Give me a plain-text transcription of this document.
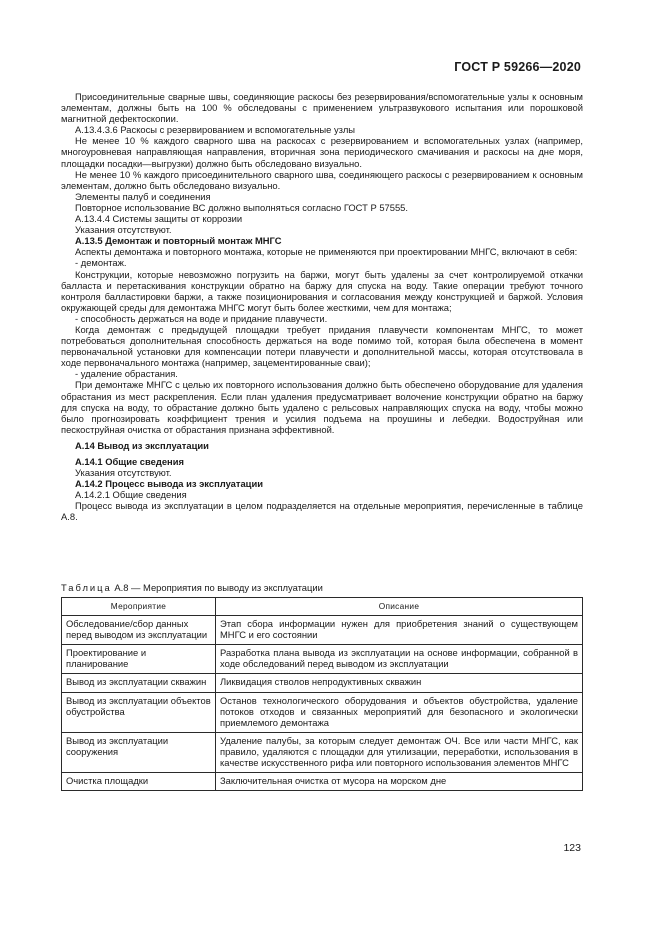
ГОСТ Р 59266—2020

Присоединительные сварные швы, соединяющие раскосы без резервирования/вспомогательные узлы к основным элементам, должны быть на 100 % обследованы с применением ультразвукового испытания или порошковой магнитной дефектоскопии.

А.13.4.3.6 Раскосы с резервированием и вспомогательные узлы

Не менее 10 % каждого сварного шва на раскосах с резервированием и вспомогательных узлах (например, многоуровневая направляющая направления, вторичная зона периодического смачивания и раскосы на дне моря, площадки посадки—выгрузки) должно быть обследовано визуально.

Не менее 10 % каждого присоединительного сварного шва, соединяющего раскосы с резервированием к основным элементам, должно быть обследовано визуально.

Элементы палуб и соединения

Повторное использование ВС должно выполняться согласно ГОСТ Р 57555.

А.13.4.4 Системы защиты от коррозии

Указания отсутствуют.

А.13.5 Демонтаж и повторный монтаж МНГС

Аспекты демонтажа и повторного монтажа, которые не применяются при проектировании МНГС, включают в себя:

- демонтаж.

Конструкции, которые невозможно погрузить на баржи, могут быть удалены за счет контролируемой откачки балласта и перетаскивания конструкции обратно на баржу для спуска на воду. Такие операции требуют точного контроля балластировки баржи, а также позиционирования и согласования между конструкцией и баржой. Условия окружающей среды для демонтажа МНГС могут быть более жесткими, чем для монтажа;

- способность держаться на воде и придание плавучести.

Когда демонтаж с предыдущей площадки требует придания плавучести компонентам МНГС, то может потребоваться дополнительная способность держаться на воде помимо той, которая была обеспечена в момент первоначальной установки для компенсации потери плавучести и дополнительной массы, которая отсутствовала в ходе первоначального монтажа (например, зацементированные сваи);

- удаление обрастания.

При демонтаже МНГС с целью их повторного использования должно быть обеспечено оборудование для удаления обрастания из мест раскрепления. Если план удаления предусматривает волочение конструкции обратно на баржу для спуска на воду, то обрастание должно быть удалено с рельсовых направляющих спуска на воду, чтобы можно было прогнозировать коэффициент трения и усилия подъема на проушины и лебедки. Водоструйная или пескоструйная очистка от обрастания признана эффективной.

А.14 Вывод из эксплуатации

А.14.1 Общие сведения

Указания отсутствуют.

А.14.2 Процесс вывода из эксплуатации

А.14.2.1 Общие сведения

Процесс вывода из эксплуатации в целом подразделяется на отдельные мероприятия, перечисленные в таблице А.8.

Таблица А.8 — Мероприятия по выводу из эксплуатации
Мероприятие	Описание
Обследование/сбор данных перед выводом из эксплуатации	Этап сбора информации нужен для приобретения знаний о существующем МНГС и его состоянии
Проектирование и планирование	Разработка плана вывода из эксплуатации на основе информации, собранной в ходе обследований перед выводом из эксплуатации
Вывод из эксплуатации скважин	Ликвидация стволов непродуктивных скважин
Вывод из эксплуатации объектов обустройства	Останов технологического оборудования и объектов обустройства, удаление потоков отходов и связанных мероприятий для безопасного и экологически приемлемого демонтажа
Вывод из эксплуатации сооружения	Удаление палубы, за которым следует демонтаж ОЧ. Все или части МНГС, как правило, удаляются с площадки для утилизации, переработки, использования в качестве искусственного рифа или повторного использования элементов МНГС
Очистка площадки	Заключительная очистка от мусора на морском дне
123
